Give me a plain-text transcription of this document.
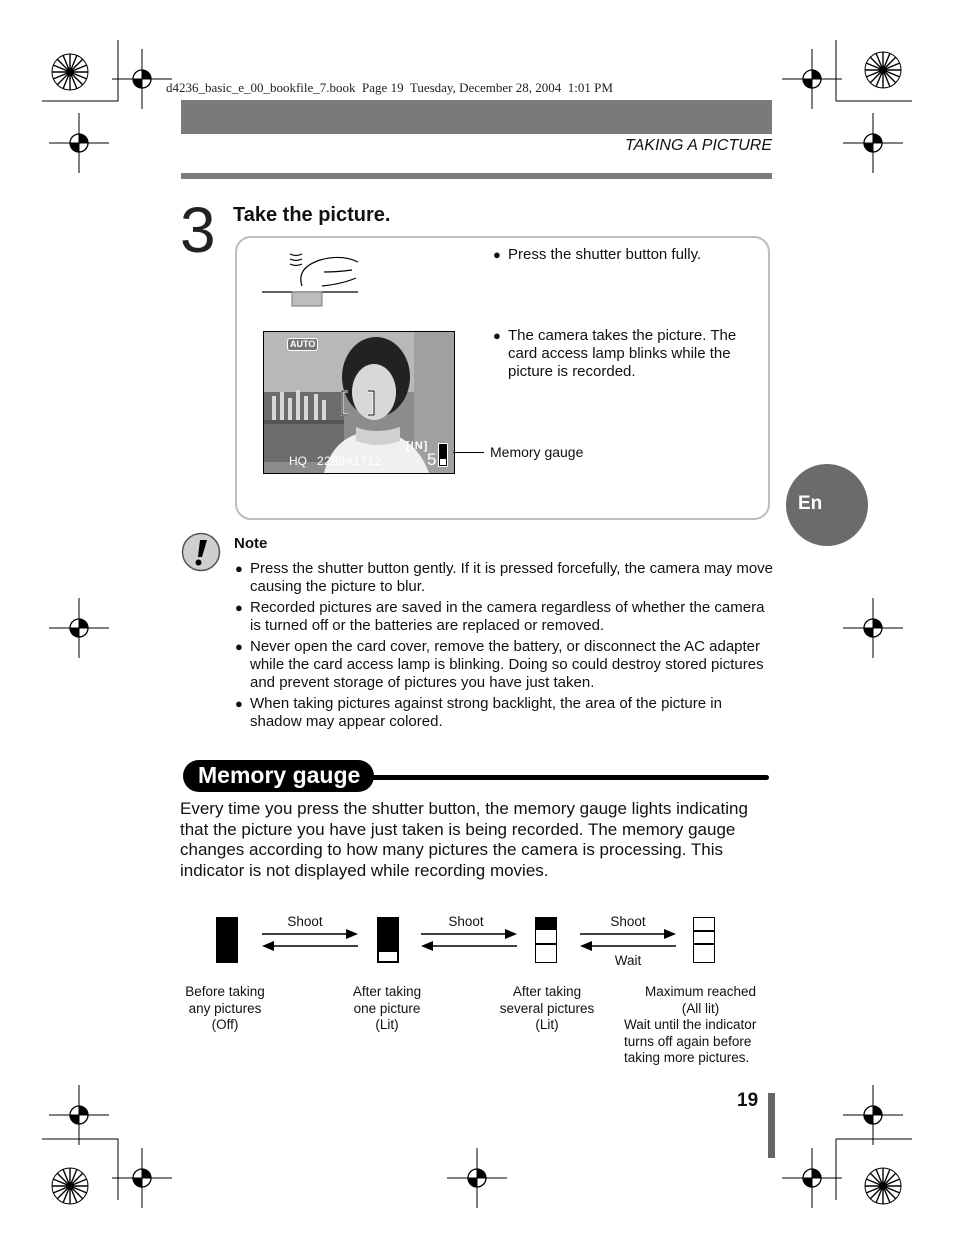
d4236_basic_e_00_bookfile_7.book  Page 19  Tuesday, December 28, 2004  1:01 PM
TAKING A PICTURE
3 Take the picture.
AUTO
[IN]
5
HQ 2288×1712
Memory gauge
● Press the shutter button fully.
● The camera takes the picture. The card access lamp blinks while the picture is recorded.
Note
● Press the shutter button gently. If it is pressed forcefully, the camera may move causing the picture to blur.
● Recorded pictures are saved in the camera regardless of whether the camera is turned off or the batteries are replaced or removed.
● Never open the card cover, remove the battery, or disconnect the AC adapter while the card access lamp is blinking. Doing so could destroy stored pictures and prevent storage of pictures you have just taken.
● When taking pictures against strong backlight, the area of the picture in shadow may appear colored.
Memory gauge
Every time you press the shutter button, the memory gauge lights indicating that the picture you have just taken is being recorded. The memory gauge changes according to how many pictures the camera is processing. This indicator is not displayed while recording movies.
Shoot	Shoot	Shoot
Wait
Before taking
any pictures
(Off)
After taking
one picture
(Lit)
After taking
several pictures
(Lit)
Maximum reached
(All lit)
Wait until the indicator
turns off again before
taking more pictures.
En
19
